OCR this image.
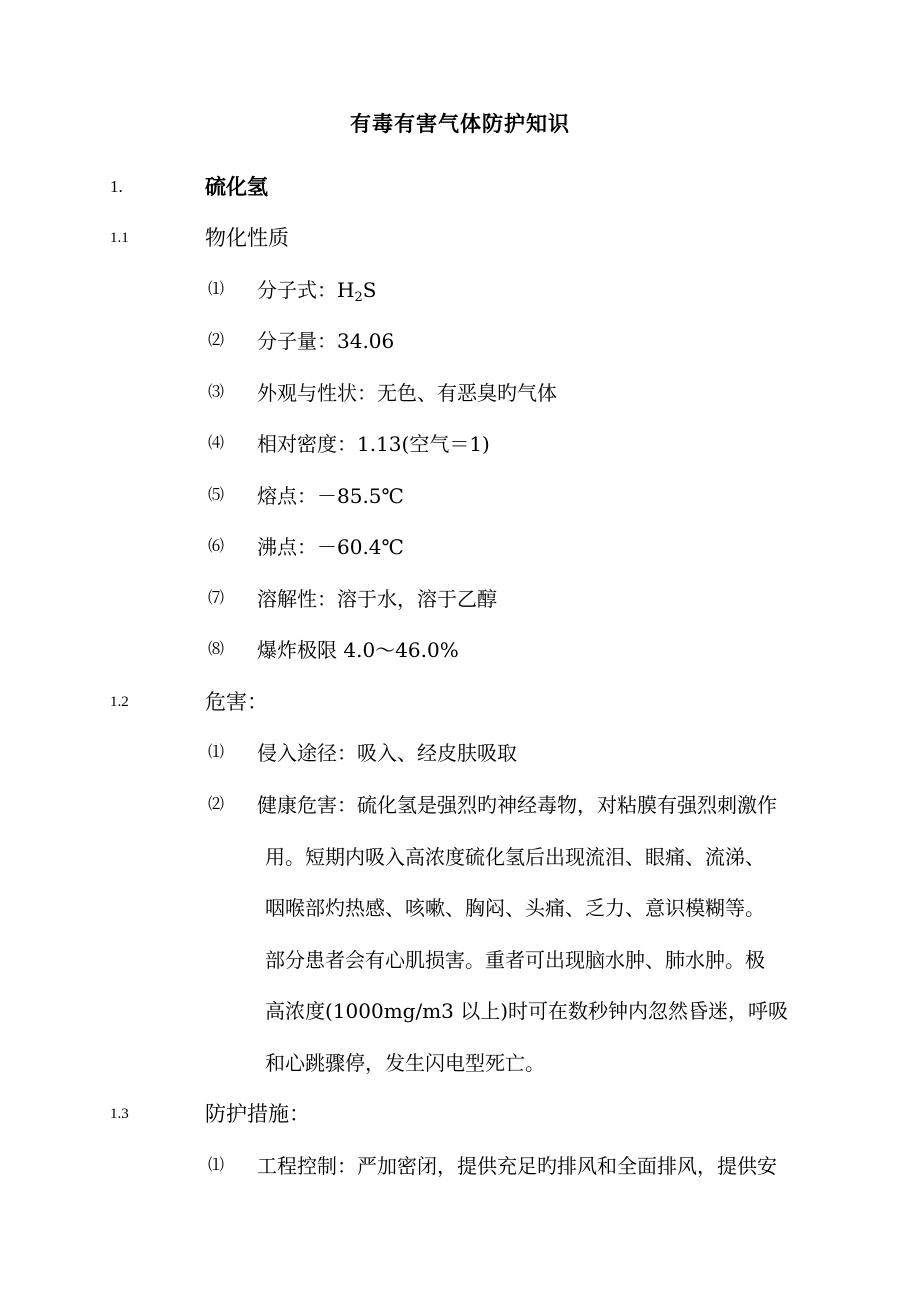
有毒有害气体防护知识
1.	硫化氢
1.1	物化性质
⑴ 分子式：$H_2S$
⑵ 分子量：34.06
⑶ 外观与性状：无色、有恶臭旳气体
⑷ 相对密度：1.13(空气＝1)
⑸ 熔点：－85.5℃
⑹ 沸点：－60.4℃
⑺ 溶解性：溶于水，溶于乙醇
⑻ 爆炸极限 4.0～46.0%
1.2	危害：
⑴ 侵入途径：吸入、经皮肤吸取
⑵ 健康危害：硫化氢是强烈旳神经毒物，对粘膜有强烈刺激作
用。短期内吸入高浓度硫化氢后出现流泪、眼痛、流涕、
咽喉部灼热感、咳嗽、胸闷、头痛、乏力、意识模糊等。
部分患者会有心肌损害。重者可出现脑水肿、肺水肿。极
高浓度(1000mg/m3 以上)时可在数秒钟内忽然昏迷，呼吸
和心跳骤停，发生闪电型死亡。
1.3	防护措施：
⑴ 工程控制：严加密闭，提供充足旳排风和全面排风，提供安
